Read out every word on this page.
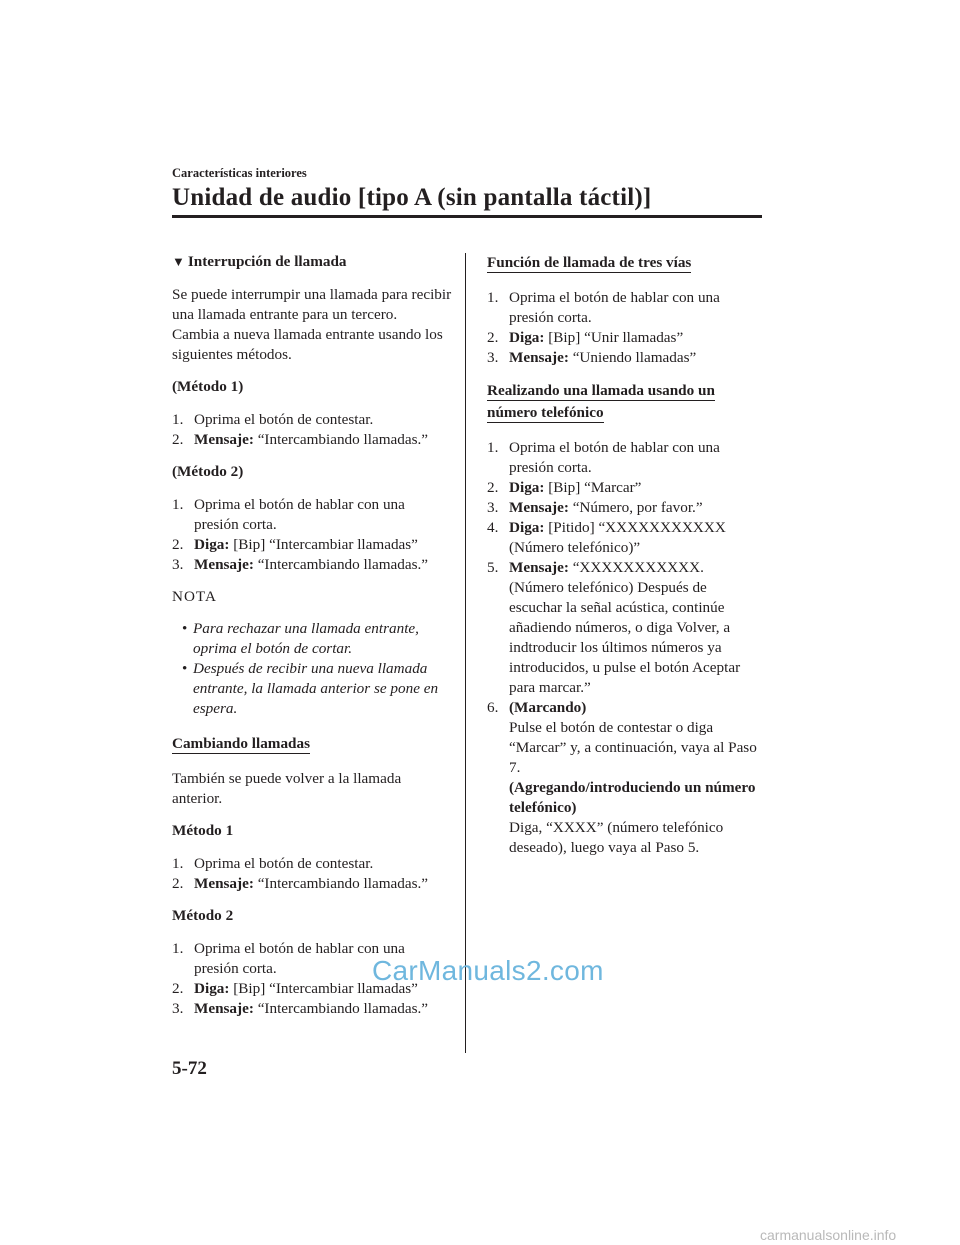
Características interiores
Unidad de audio [tipo A (sin pantalla táctil)]
▼ Interrupción de llamada

Se puede interrumpir una llamada para recibir una llamada entrante para un tercero.

Cambia a nueva llamada entrante usando los siguientes métodos.

(Método 1)
1. Oprima el botón de contestar.
2. Mensaje: “Intercambiando llamadas.”
(Método 2)
1. Oprima el botón de hablar con una presión corta.
2. Diga: [Bip] “Intercambiar llamadas”
3. Mensaje: “Intercambiando llamadas.”
NOTA
• Para rechazar una llamada entrante, oprima el botón de cortar.
• Después de recibir una nueva llamada entrante, la llamada anterior se pone en espera.
Cambiando llamadas

También se puede volver a la llamada anterior.

Método 1
1. Oprima el botón de contestar.
2. Mensaje: “Intercambiando llamadas.”
Método 2
1. Oprima el botón de hablar con una presión corta.
2. Diga: [Bip] “Intercambiar llamadas”
3. Mensaje: “Intercambiando llamadas.”
Función de llamada de tres vías
1. Oprima el botón de hablar con una presión corta.
2. Diga: [Bip] “Unir llamadas”
3. Mensaje: “Uniendo llamadas”
Realizando una llamada usando un
número telefónico
1. Oprima el botón de hablar con una presión corta.
2. Diga: [Bip] “Marcar”
3. Mensaje: “Número, por favor.”
4. Diga: [Pitido] “XXXXXXXXXXX (Número telefónico)”
5. Mensaje: “XXXXXXXXXXX. (Número telefónico) Después de escuchar la señal acústica, continúe añadiendo números, o diga Volver, a indtroducir los últimos números ya introducidos, u pulse el botón Aceptar para marcar.”
6. (Marcando)
Pulse el botón de contestar o diga “Marcar” y, a continuación, vaya al Paso 7.
(Agregando/introduciendo un número telefónico)
Diga, “XXXX” (número telefónico deseado), luego vaya al Paso 5.
CarManuals2.com
5-72
carmanualsonline.info
